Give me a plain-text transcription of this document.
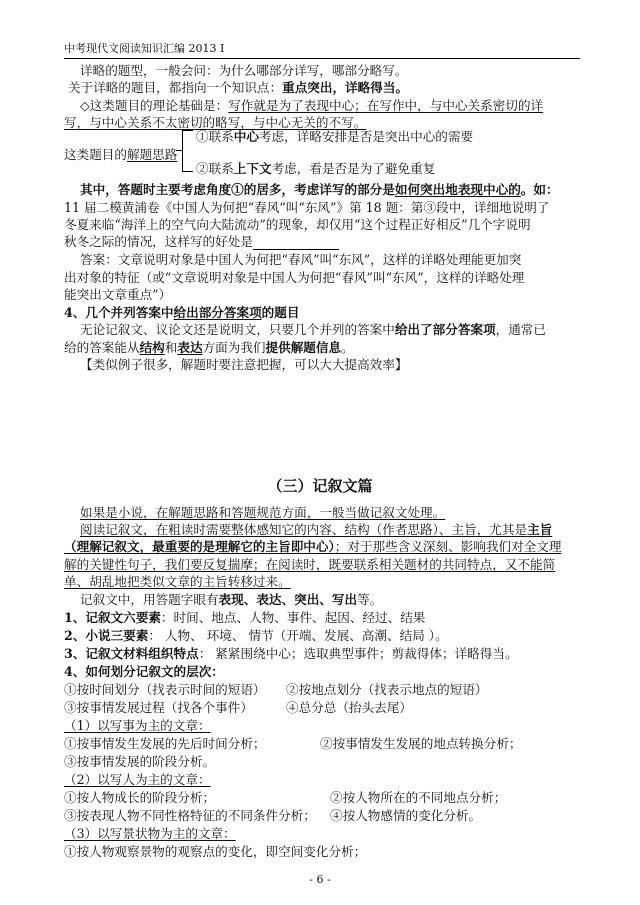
中考现代文阅读知识汇编 2013 Ⅰ
详略的题型，一般会问：为什么哪部分详写，哪部分略写。
关于详略的题目，都指向一个知识点：重点突出，详略得当。
◇这类题目的理论基础是：写作就是为了表现中心；在写作中，与中心关系密切的详
写，与中心关系不太密切的略写，与中心无关的不写。
①联系中心考虑，详略安排是否是突出中心的需要
这类题目的解题思路
②联系上下文考虑，看是否是为了避免重复
其中，答题时主要考虑角度①的居多，考虑详写的部分是如何突出地表现中心的。如：
11 届二模黄浦卷《中国人为何把“春风”叫“东风”》第 18 题：第③段中，详细地说明了
冬夏来临“海洋上的空气向大陆流动”的现象，却仅用“这个过程正好相反”几个字说明
秋冬之际的情况，这样写的好处是
答案：文章说明对象是中国人为何把“春风”叫“东风”，这样的详略处理能更加突
出对象的特征（或“文章说明对象是中国人为何把“春风”叫“东风”，这样的详略处理
能突出文章重点”）
4、几个并列答案中给出部分答案项的题目
无论记叙文、议论文还是说明文，只要几个并列的答案中给出了部分答案项，通常已
给的答案能从结构和表达方面为我们提供解题信息。
【类似例子很多，解题时要注意把握，可以大大提高效率】
（三）记叙文篇
如果是小说，在解题思路和答题规范方面，一般当做记叙文处理。
阅读记叙文，在粗读时需要整体感知它的内容、结构（作者思路）、主旨，尤其是主旨
（理解记叙文，最重要的是理解它的主旨即中心）；对于那些含义深刻、影响我们对全文理
解的关键性句子，我们要反复揣摩；在阅读时，既要联系相关题材的共同特点，又不能简
单、胡乱地把类似文章的主旨转移过来。
记叙文中，用答题字眼有表现、表达、突出、写出等。
1、记叙文六要素：时间、地点、人物、事件、起因、经过、结果
2、小说三要素： 人物、 环境、 情节（开端、发展、高潮、结局 ）。
3、记叙文材料组织特点： 紧紧围绕中心；选取典型事件；剪裁得体；详略得当。
4、如何划分记叙文的层次：
①按时间划分（找表示时间的短语） ②按地点划分（找表示地点的短语）
③按事情发展过程（找各个事件）	④总分总（抬头去尾）
（1）以写事为主的文章：
①按事情发生发展的先后时间分析；	②按事情发生发展的地点转换分析；
③按事情发展的阶段分析。
（2）以写人为主的文章：
①按人物成长的阶段分析；	②按人物所在的不同地点分析；
③按表现人物不同性格特征的不同条件分析； ④按人物感情的变化分析。
（3）以写景状物为主的文章：
①按人物观察景物的观察点的变化，即空间变化分析；
- 6 -
